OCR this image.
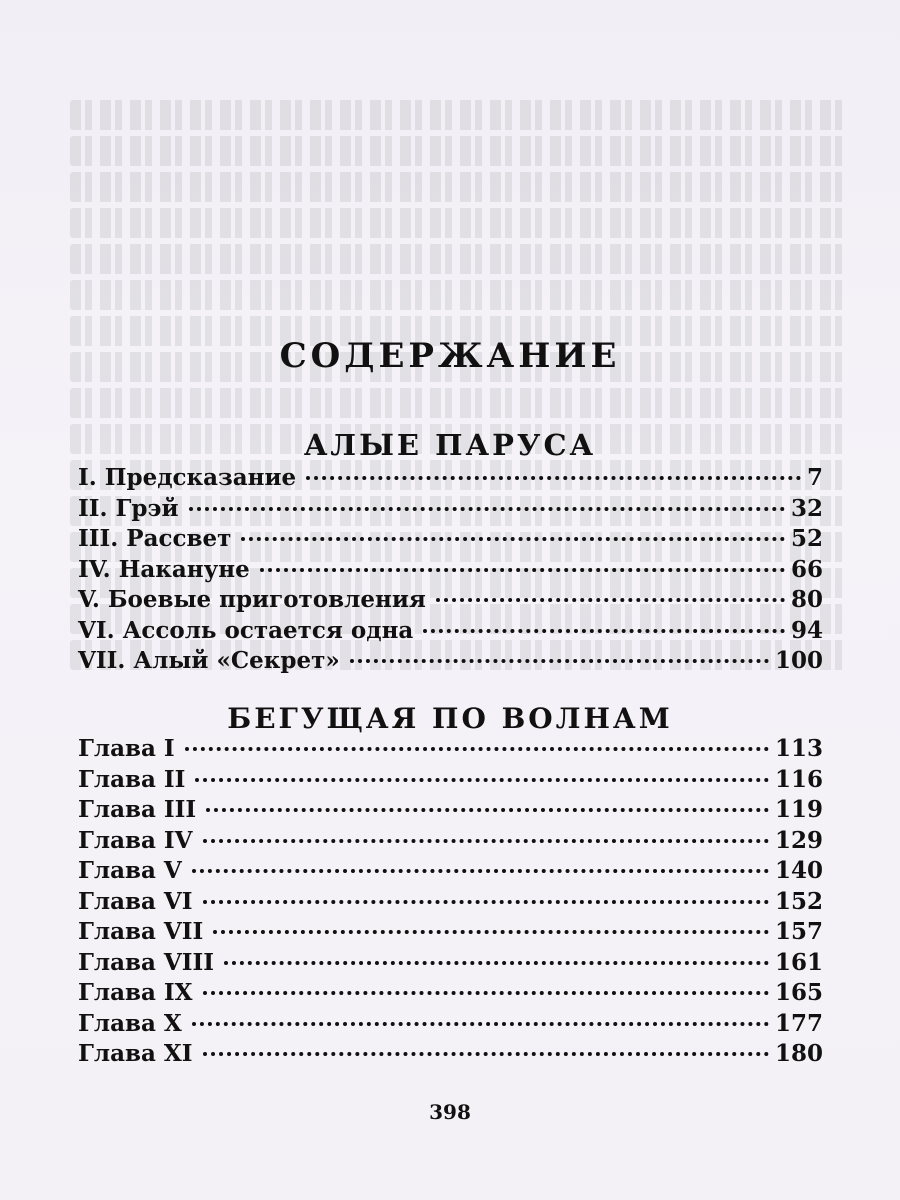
СОДЕРЖАНИЕ
АЛЫЕ ПАРУСА
I. Предсказание	7
II. Грэй	32
III. Рассвет	52
IV. Накануне	66
V. Боевые приготовления	80
VI. Ассоль остается одна	94
VII. Алый «Секрет»	100
БЕГУЩАЯ ПО ВОЛНАМ
Глава I	113
Глава II	116
Глава III	119
Глава IV	129
Глава V	140
Глава VI	152
Глава VII	157
Глава VIII	161
Глава IX	165
Глава X	177
Глава XI	180
398
